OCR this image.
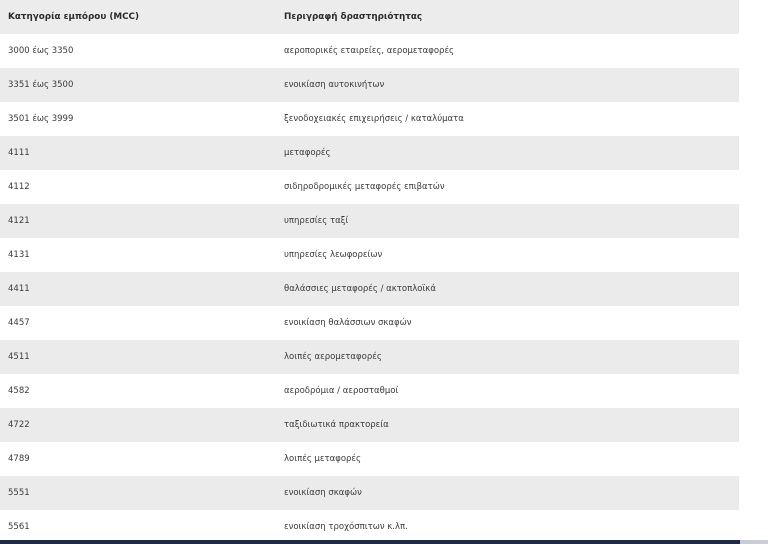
Κατηγορία εμπόρου (MCC)	Περιγραφή δραστηριότητας
3000 έως 3350	αεροπορικές εταιρείες, αερομεταφορές
3351 έως 3500	ενοικίαση αυτοκινήτων
3501 έως 3999	ξενοδοχειακές επιχειρήσεις / καταλύματα
4111	μεταφορές
4112	σιδηροδρομικές μεταφορές επιβατών
4121	υπηρεσίες ταξί
4131	υπηρεσίες λεωφορείων
4411	θαλάσσιες μεταφορές / ακτοπλοϊκά
4457	ενοικίαση θαλάσσιων σκαφών
4511	λοιπές αερομεταφορές
4582	αεροδρόμια / αεροσταθμοί
4722	ταξιδιωτικά πρακτορεία
4789	λοιπές μεταφορές
5551	ενοικίαση σκαφών
5561	ενοικίαση τροχόσπιτων κ.λπ.
